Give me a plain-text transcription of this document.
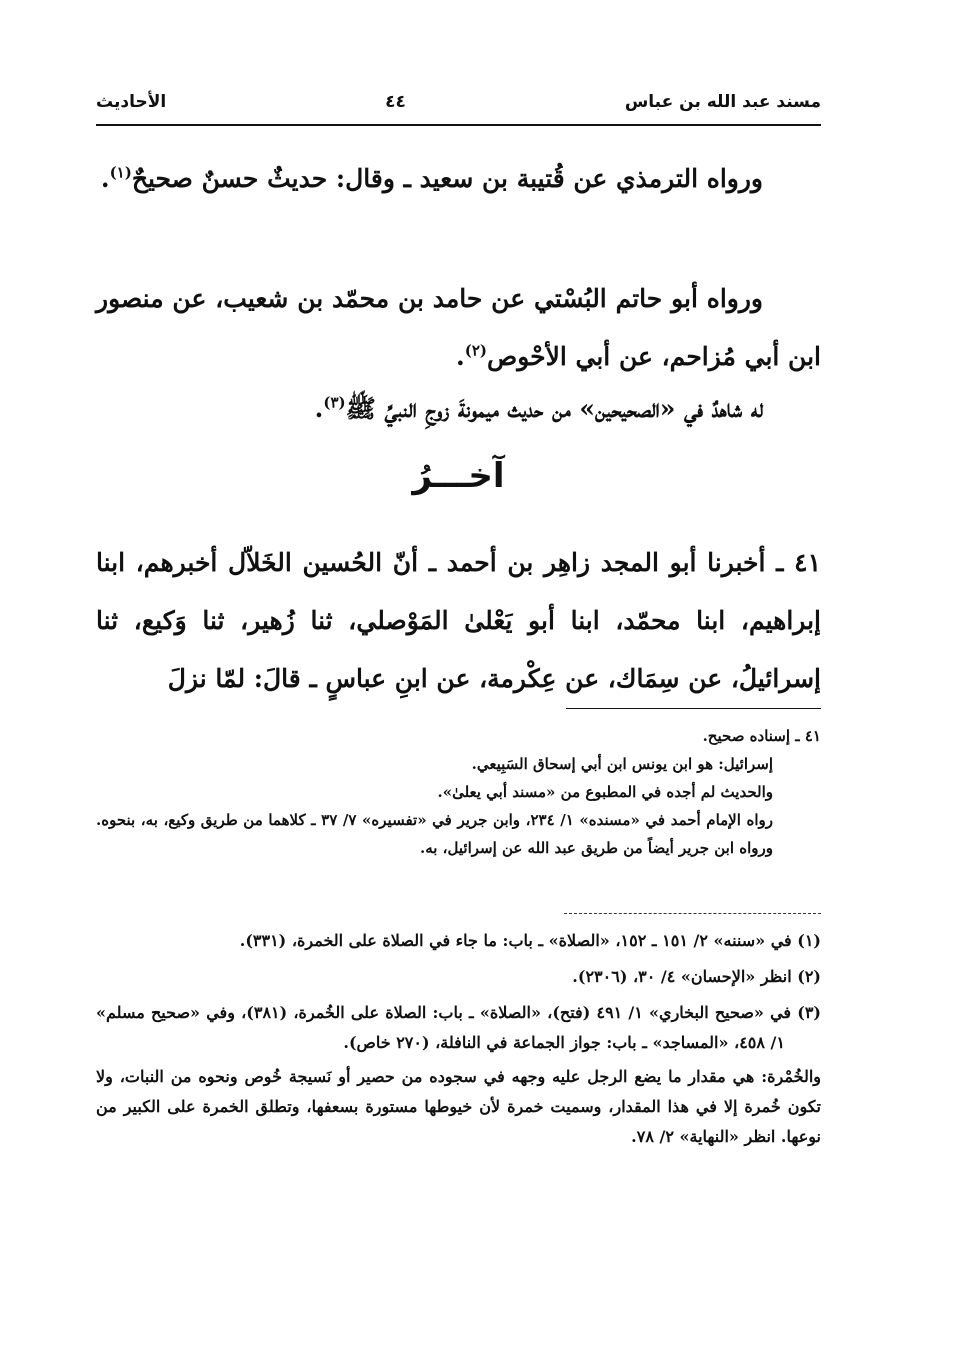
مسند عبد الله بن عباس
٤٤
الأحاديث

ورواه الترمذي عن قُتيبة بن سعيد ـ وقال: حديثٌ حسنٌ صحيحٌ$^{(١)}$.

ورواه أبو حاتم البُسْتي عن حامد بن محمّد بن شعيب، عن منصور ابن أبي مُزاحم، عن أبي الأحْوص$^{(٢)}$.

له شاهدٌ في «الصحيحين» من حديث ميمونةَ زوجِ النبيِّ ﷺ$^{(٣)}$.

آخـــرُ

٤١ ـ أخبرنا أبو المجد زاهِر بن أحمد ـ أنّ الحُسين الخَلاّل أخبرهم، ابنا إبراهيم، ابنا محمّد، ابنا أبو يَعْلىٰ المَوْصلي، ثنا زُهير، ثنا وَكيع، ثنا إسرائيلُ، عن سِمَاك، عن عِكْرمة، عن ابنِ عباسٍ ـ قالَ: لمّا نزلَ

٤١ ـ إسناده صحيح.

إسرائيل: هو ابن يونس ابن أبي إسحاق السَبِيعي.

والحديث لم أجده في المطبوع من «مسند أبي يعلىٰ».

رواه الإمام أحمد في «مسنده» ١/ ٢٣٤، وابن جرير في «تفسيره» ٧/ ٣٧ ـ كلاهما من طريق وكيع، به، بنحوه. ورواه ابن جرير أيضاً من طريق عبد الله عن إسرائيل، به.

(١) في «سننه» ٢/ ١٥١ ـ ١٥٢، «الصلاة» ـ باب: ما جاء في الصلاة على الخمرة، (٣٣١).

(٢) انظر «الإحسان» ٤/ ٣٠، (٢٣٠٦).

(٣) في «صحيح البخاري» ١/ ٤٩١ (فتح)، «الصلاة» ـ باب: الصلاة على الخُمرة، (٣٨١)، وفي «صحيح مسلم» ١/ ٤٥٨، «المساجد» ـ باب: جواز الجماعة في النافلة، (٢٧٠ خاص).

والخُمْرة: هي مقدار ما يضع الرجل عليه وجهه في سجوده من حصير أو نَسيجة خُوص ونحوه من النبات، ولا تكون خُمرة إلا في هذا المقدار، وسميت خمرة لأن خيوطها مستورة بسعفها، وتطلق الخمرة على الكبير من نوعها. انظر «النهاية» ٢/ ٧٨.
